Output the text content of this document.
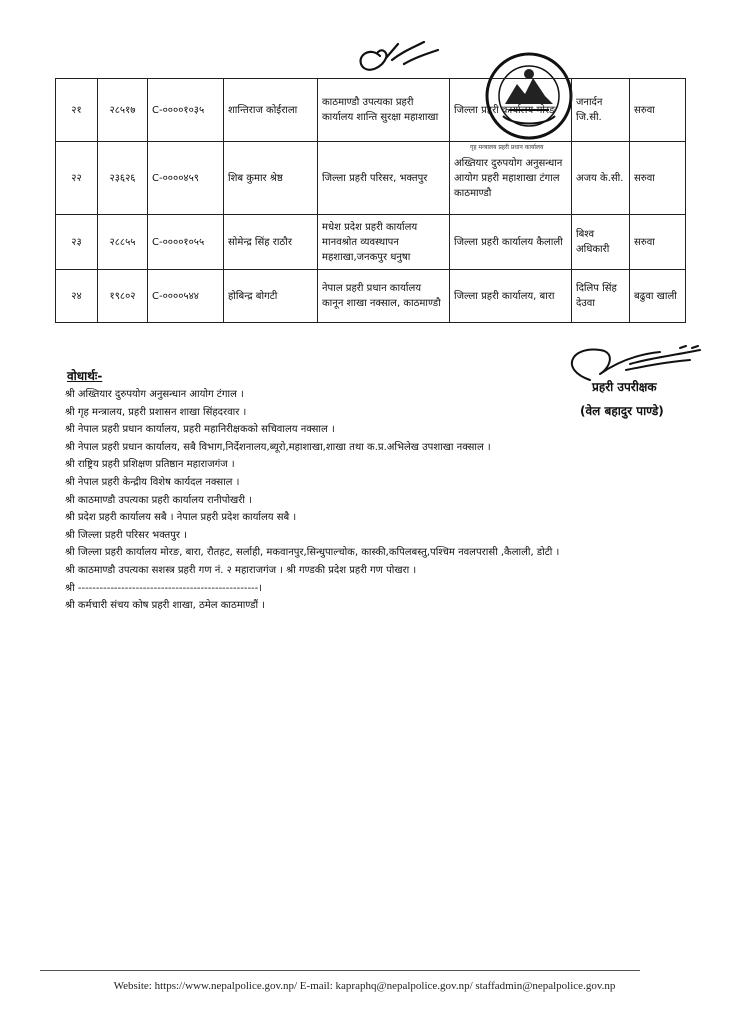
गृह मन्त्रालय प्रहरी प्रधान कार्यालय
२१	२८५१७	C-००००१०३५	शान्तिराज कोईराला	काठमाण्डौ उपत्यका प्रहरी कार्यालय शान्ति सुरक्षा महाशाखा	जिल्ला प्रहरी कार्यालय मोरङ	जनार्दन जि.सी.	सरुवा
२२	२३६२६	C-००००४५९	शिब कुमार श्रेष्ठ	जिल्ला प्रहरी परिसर, भक्तपुर	अख्तियार दुरुपयोग अनुसन्धान आयोग प्रहरी महाशाखा टंगाल काठमाण्डौ	अजय के.सी.	सरुवा
२३	२८८५५	C-००००१०५५	सोमेन्द्र सिंह राठौर	मधेश प्रदेश प्रहरी कार्यालय मानवश्रोत व्यवस्थापन महशाखा,जनकपुर धनुषा	जिल्ला प्रहरी कार्यालय कैलाली	बिश्व अधिकारी	सरुवा
२४	१९८०२	C-००००५४४	होबिन्द्र बोगटी	नेपाल प्रहरी प्रधान कार्यालय कानून शाखा नक्साल, काठमाण्डौ	जिल्ला प्रहरी कार्यालय, बारा	दिलिप सिंह देउवा	बढुवा खाली
प्रहरी उपरीक्षक
(वेल बहादुर पाण्डे)
वोधार्थः-
श्री अख्तियार दुरुपयोग अनुसन्धान आयोग टंगाल ।
श्री गृह मन्त्रालय, प्रहरी प्रशासन शाखा सिंहदरवार ।
श्री नेपाल प्रहरी प्रधान कार्यालय, प्रहरी महानिरीक्षकको सचिवालय नक्साल ।
श्री नेपाल प्रहरी प्रधान कार्यालय, सबै विभाग,निर्देशनालय,ब्यूरो,महाशाखा,शाखा तथा क.प्र.अभिलेख उपशाखा नक्साल ।
श्री राष्ट्रिय प्रहरी प्रशिक्षण प्रतिष्ठान महाराजगंज ।
श्री नेपाल प्रहरी केन्द्रीय विशेष कार्यदल नक्साल ।
श्री काठमाण्डौ उपत्यका प्रहरी कार्यालय रानीपोखरी ।
श्री प्रदेश प्रहरी कार्यालय सबै । नेपाल प्रहरी प्रदेश कार्यालय सबै ।
श्री जिल्ला प्रहरी परिसर भक्तपुर ।
श्री जिल्ला प्रहरी कार्यालय मोरङ, बारा, रौतहट, सर्लाही, मकवानपुर,सिन्धुपाल्चोक, कास्की,कपिलबस्तु,पश्चिम नवलपरासी ,कैलाली, डोटी ।
श्री काठमाण्डौ उपत्यका सशस्त्र प्रहरी गण नं. २ महाराजगंज । श्री गण्डकी प्रदेश प्रहरी गण पोखरा ।
श्री --------------------------------------------------।
श्री कर्मचारी संचय कोष प्रहरी शाखा, ठमेल काठमाण्डौं ।
Website: https://www.nepalpolice.gov.np/ E-mail: kapraphq@nepalpolice.gov.np/ staffadmin@nepalpolice.gov.np
